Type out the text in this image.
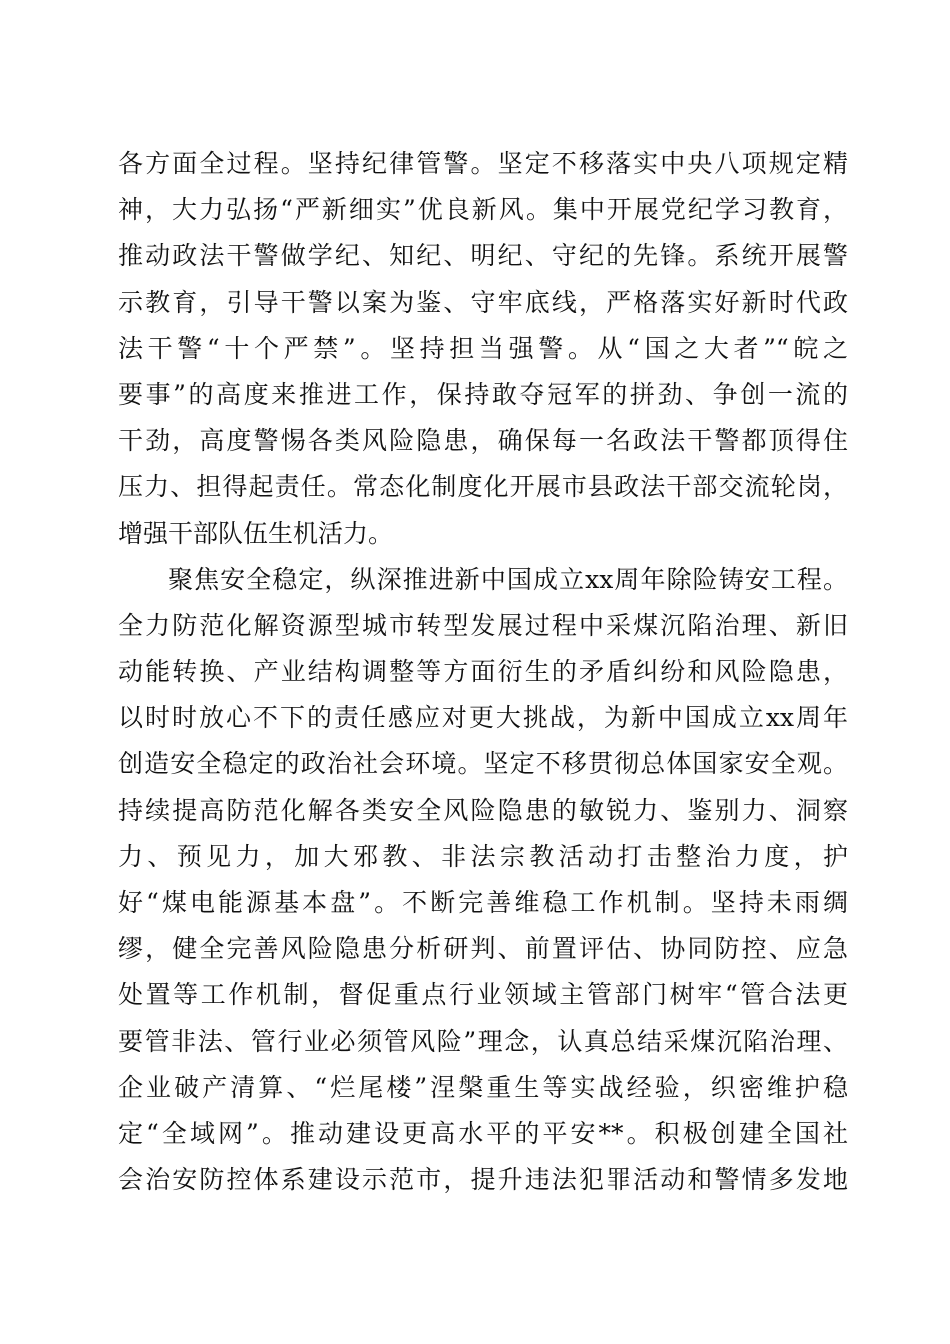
各方面全过程。坚持纪律管警。坚定不移落实中央八项规定精
神，大力弘扬“严新细实”优良新风。集中开展党纪学习教育，
推动政法干警做学纪、知纪、明纪、守纪的先锋。系统开展警
示教育，引导干警以案为鉴、守牢底线，严格落实好新时代政
法干警“十个严禁”。坚持担当强警。从“国之大者”“皖之
要事”的高度来推进工作，保持敢夺冠军的拼劲、争创一流的
干劲，高度警惕各类风险隐患，确保每一名政法干警都顶得住
压力、担得起责任。常态化制度化开展市县政法干部交流轮岗，
增强干部队伍生机活力。
聚焦安全稳定，纵深推进新中国成立xx周年除险铸安工程。
全力防范化解资源型城市转型发展过程中采煤沉陷治理、新旧
动能转换、产业结构调整等方面衍生的矛盾纠纷和风险隐患，
以时时放心不下的责任感应对更大挑战，为新中国成立xx周年
创造安全稳定的政治社会环境。坚定不移贯彻总体国家安全观。
持续提高防范化解各类安全风险隐患的敏锐力、鉴别力、洞察
力、预见力，加大邪教、非法宗教活动打击整治力度，护
好“煤电能源基本盘”。不断完善维稳工作机制。坚持未雨绸
缪，健全完善风险隐患分析研判、前置评估、协同防控、应急
处置等工作机制，督促重点行业领域主管部门树牢“管合法更
要管非法、管行业必须管风险”理念，认真总结采煤沉陷治理、
企业破产清算、“烂尾楼”涅槃重生等实战经验，织密维护稳
定“全域网”。推动建设更高水平的平安**。积极创建全国社
会治安防控体系建设示范市，提升违法犯罪活动和警情多发地
